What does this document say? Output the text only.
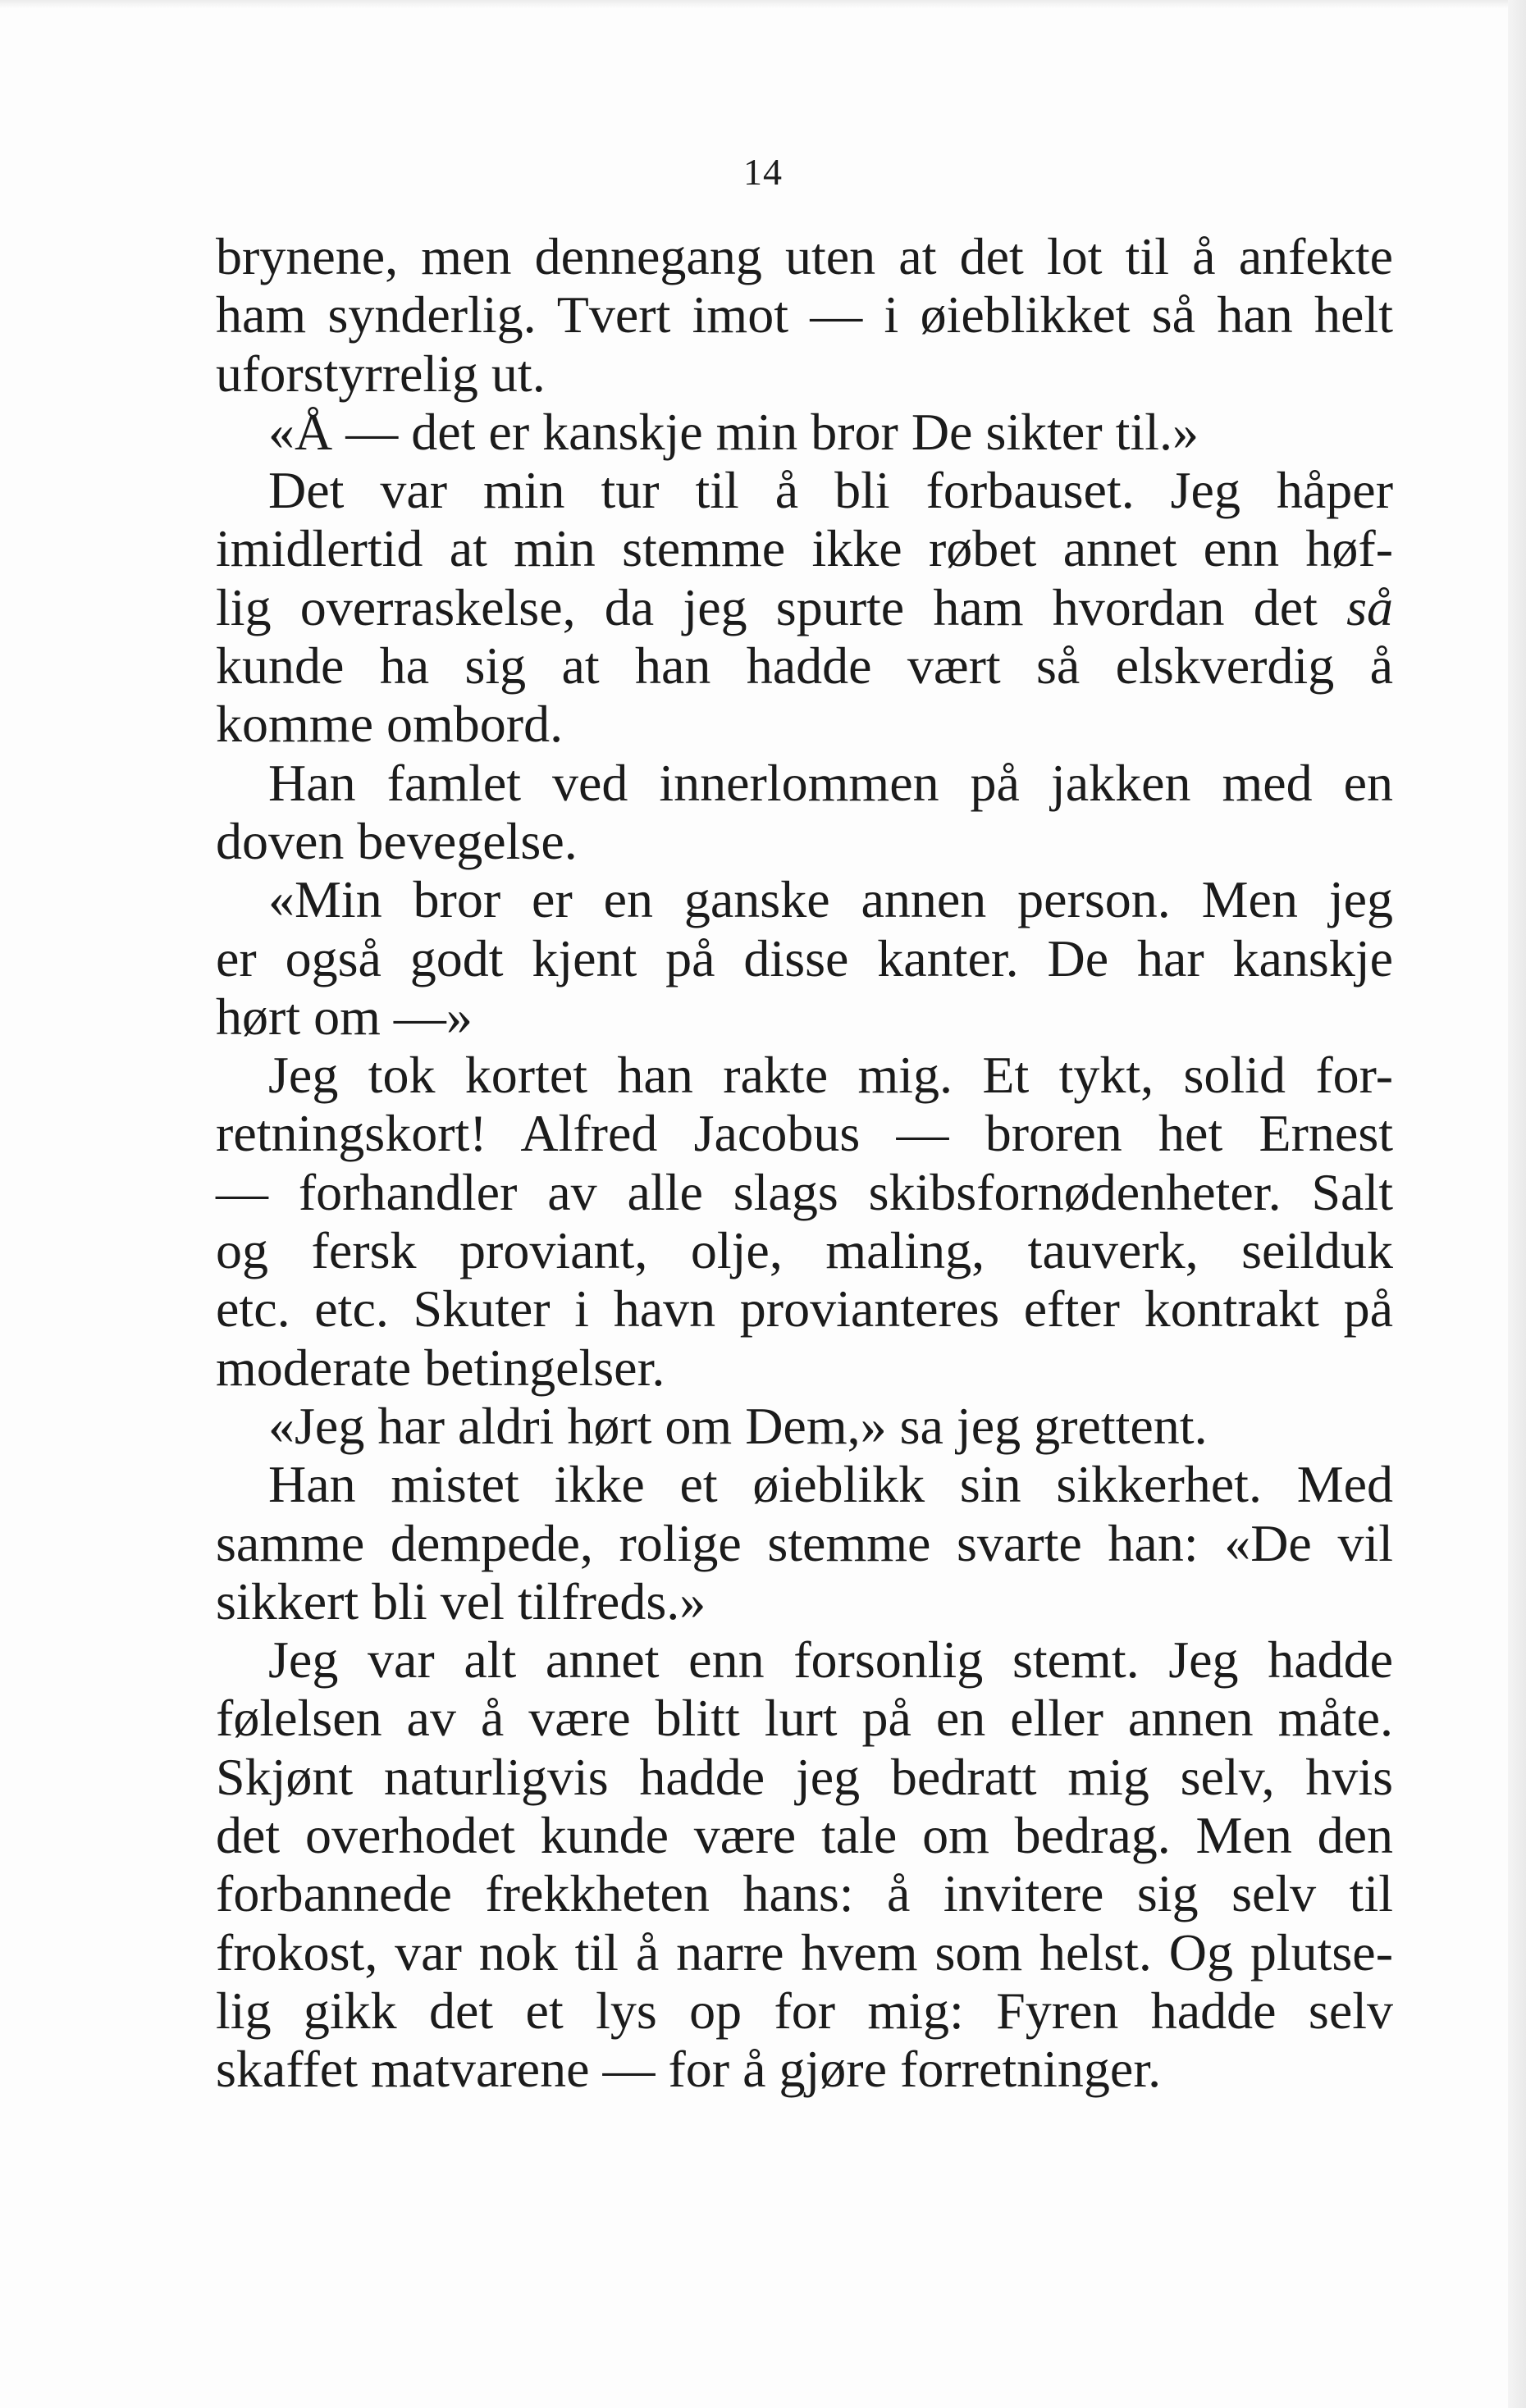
14
brynene, men dennegang uten at det lot til å anfekte
ham synderlig. Tvert imot — i øieblikket så han helt
uforstyrrelig ut.
«Å — det er kanskje min bror De sikter til.»
Det var min tur til å bli forbauset. Jeg håper
imidlertid at min stemme ikke røbet annet enn høf-
lig overraskelse, da jeg spurte ham hvordan det så
kunde ha sig at han hadde vært så elskverdig å
komme ombord.
Han famlet ved innerlommen på jakken med en
doven bevegelse.
«Min bror er en ganske annen person. Men jeg
er også godt kjent på disse kanter. De har kanskje
hørt om —»
Jeg tok kortet han rakte mig. Et tykt, solid for-
retningskort! Alfred Jacobus — broren het Ernest
— forhandler av alle slags skibsfornødenheter. Salt
og fersk proviant, olje, maling, tauverk, seilduk
etc. etc. Skuter i havn provianteres efter kontrakt på
moderate betingelser.
«Jeg har aldri hørt om Dem,» sa jeg grettent.
Han mistet ikke et øieblikk sin sikkerhet. Med
samme dempede, rolige stemme svarte han: «De vil
sikkert bli vel tilfreds.»
Jeg var alt annet enn forsonlig stemt. Jeg hadde
følelsen av å være blitt lurt på en eller annen måte.
Skjønt naturligvis hadde jeg bedratt mig selv, hvis
det overhodet kunde være tale om bedrag. Men den
forbannede frekkheten hans: å invitere sig selv til
frokost, var nok til å narre hvem som helst. Og plutse-
lig gikk det et lys op for mig: Fyren hadde selv
skaffet matvarene — for å gjøre forretninger.
